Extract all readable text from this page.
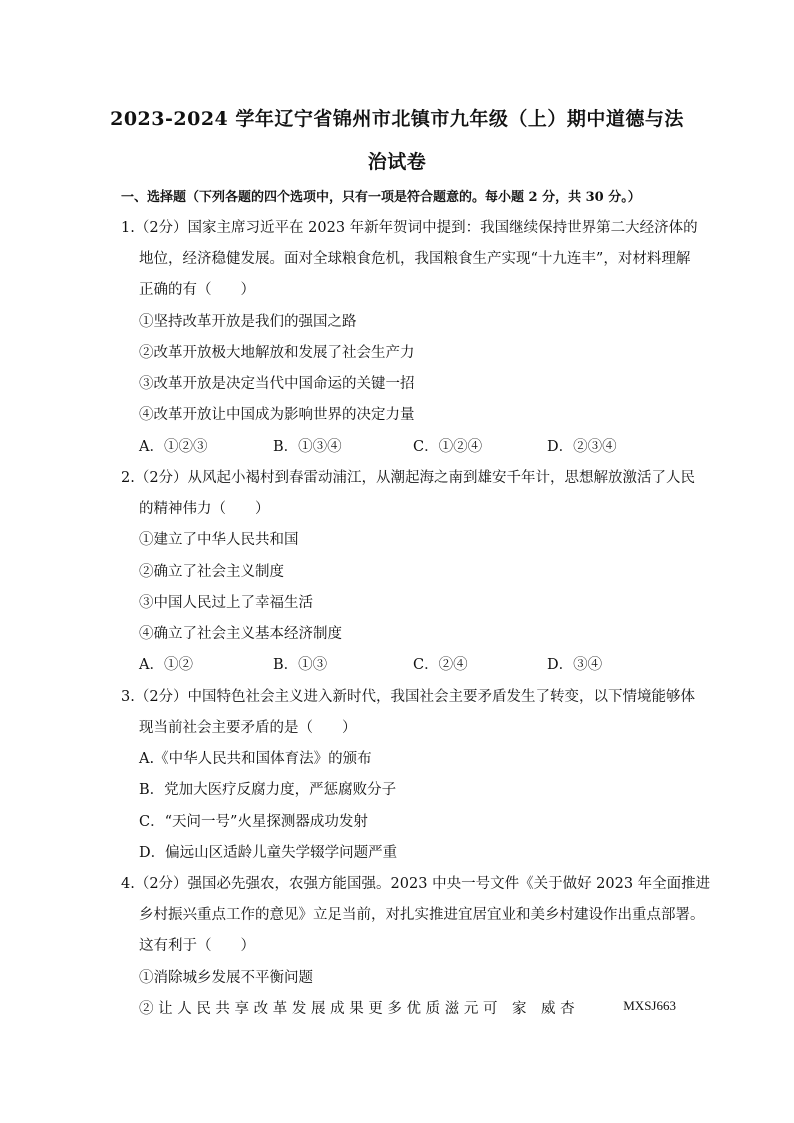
2023-2024 学年辽宁省锦州市北镇市九年级（上）期中道德与法
治试卷
一、选择题（下列各题的四个选项中，只有一项是符合题意的。每小题 2 分，共 30 分。）
1.（2分）国家主席习近平在 2023 年新年贺词中提到：我国继续保持世界第二大经济体的
地位，经济稳健发展。面对全球粮食危机，我国粮食生产实现“十九连丰”，对材料理解
正确的有（　　）
①坚持改革开放是我们的强国之路
②改革开放极大地解放和发展了社会生产力
③改革开放是决定当代中国命运的关键一招
④改革开放让中国成为影响世界的决定力量
A．①②③	B．①③④	C．①②④	D．②③④
2.（2分）从风起小褐村到春雷动浦江，从潮起海之南到雄安千年计，思想解放激活了人民
的精神伟力（　　）
①建立了中华人民共和国
②确立了社会主义制度
③中国人民过上了幸福生活
④确立了社会主义基本经济制度
A．①②	B．①③	C．②④	D．③④
3.（2分）中国特色社会主义进入新时代，我国社会主要矛盾发生了转变，以下情境能够体
现当前社会主要矛盾的是（　　）
A.《中华人民共和国体育法》的颁布
B．党加大医疗反腐力度，严惩腐败分子
C．“天问一号”火星探测器成功发射
D．偏远山区适龄儿童失学辍学问题严重
4.（2分）强国必先强农，农强方能国强。2023 中央一号文件《关于做好 2023 年全面推进
乡村振兴重点工作的意见》立足当前，对扎实推进宜居宜业和美乡村建设作出重点部署。
这有利于（　　）
①消除城乡发展不平衡问题
② 让 人 民 共 享 改 革 发 展 成 果 更 多 优 质 滋 元 可　家　威 杏	MXSJ663
